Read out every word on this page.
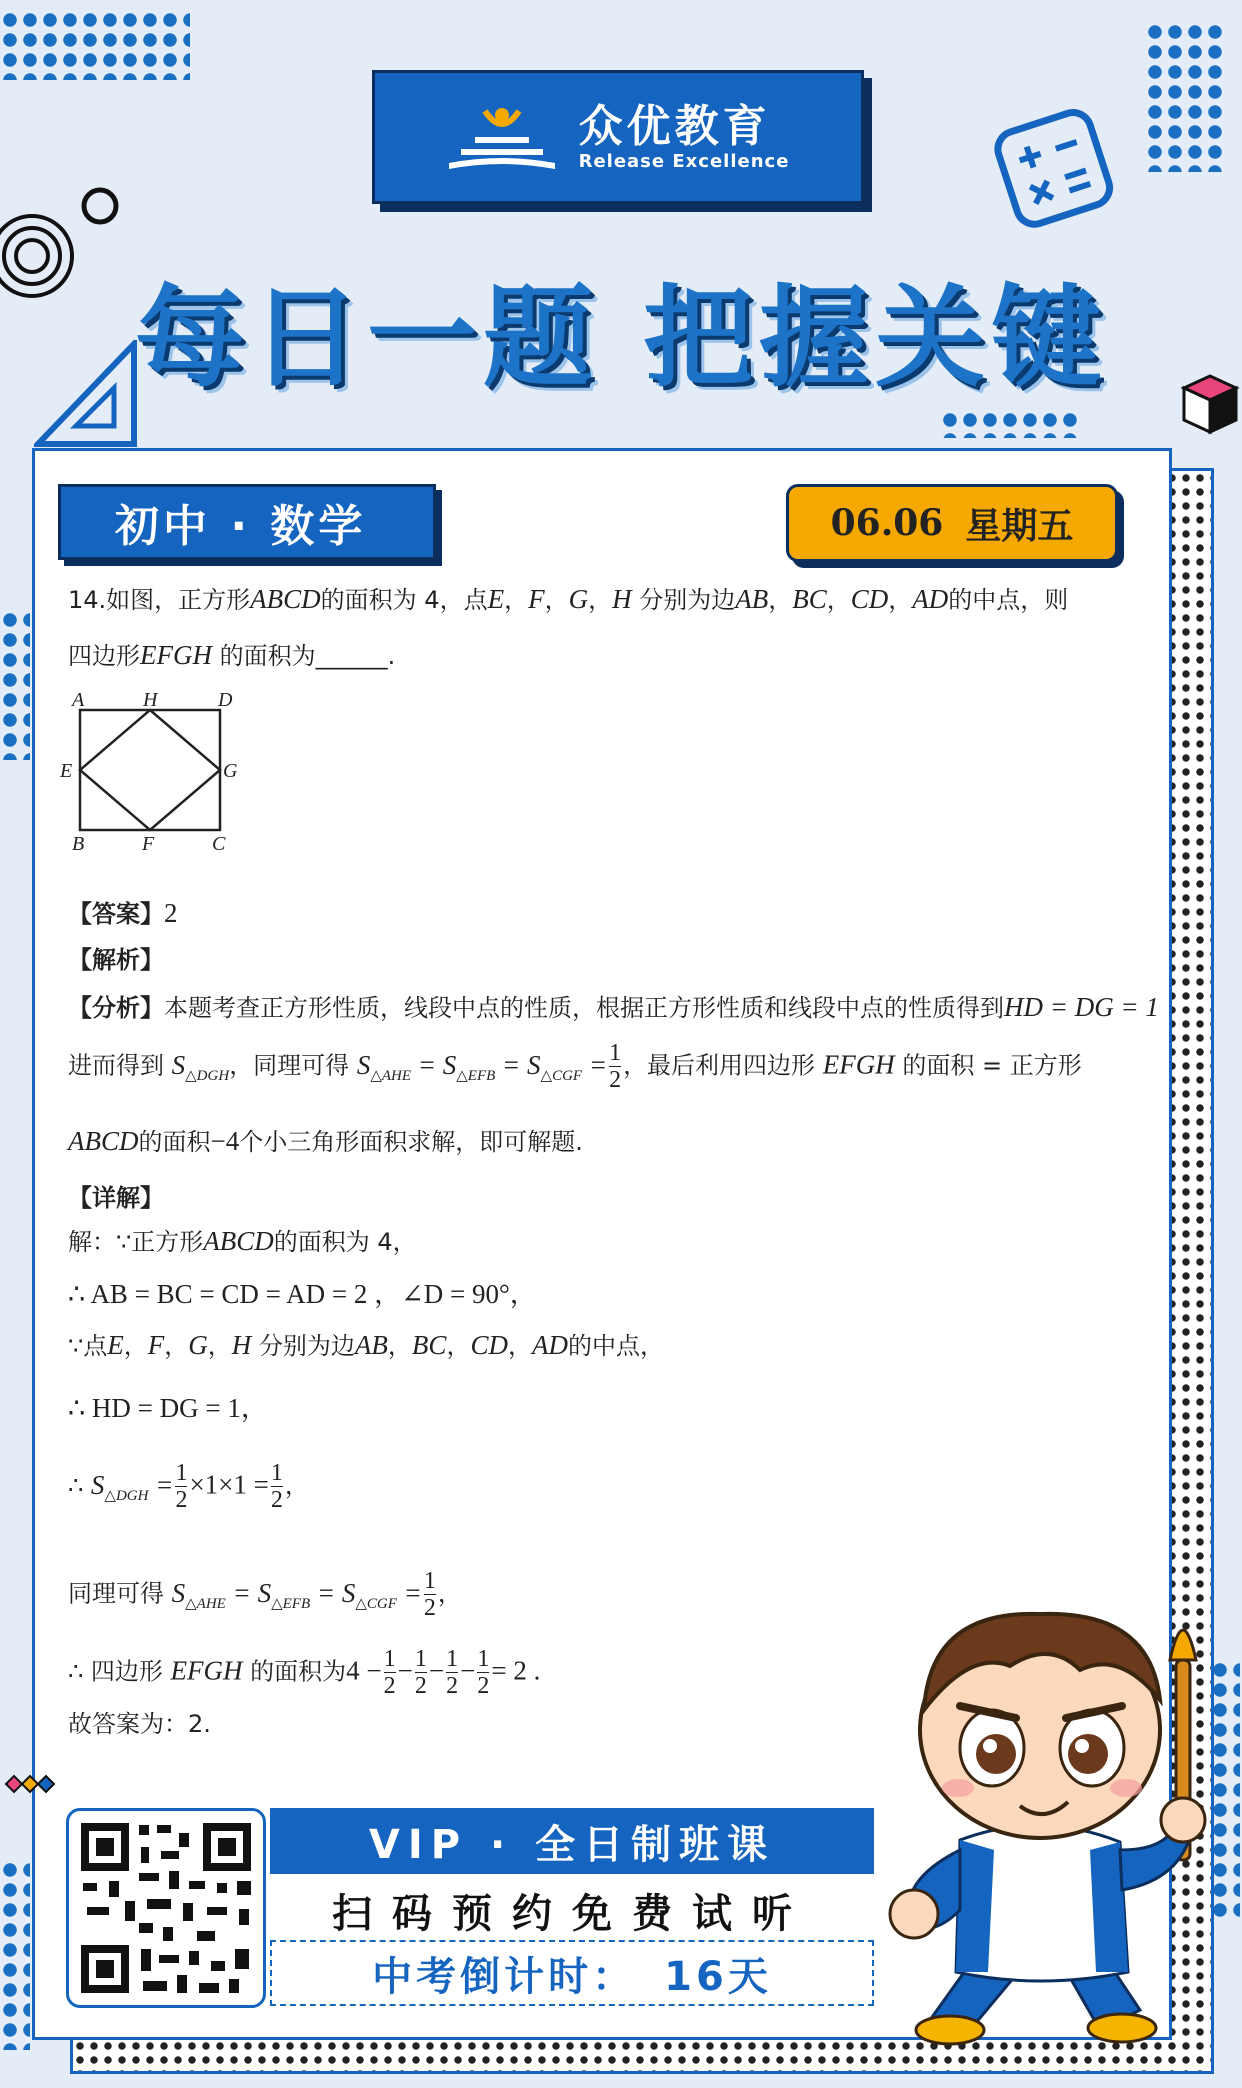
众优教育
Release Excellence
每日一题 把握关键
初中 · 数学	06.06 星期五
14.如图，正方形ABCD的面积为 4，点E，F，G，H 分别为边AB，BC，CD，AD的中点，则
四边形EFGH 的面积为______.
A	H	D
E	G
B	F	C
【答案】2
【解析】
【分析】本题考查正方形性质，线段中点的性质，根据正方形性质和线段中点的性质得到HD = DG = 1
进而得到 $S_{\triangle DGH}$，同理可得 $S_{\triangle AHE} = S_{\triangle EFB} = S_{\triangle CGF} = \frac{1}{2}$ ，最后利用四边形 EFGH 的面积 = 正方形
ABCD的面积−4个小三角形面积求解，即可解题.
【详解】
解：∵正方形ABCD的面积为 4，
∴ AB = BC = CD = AD = 2 ，∠D = 90°，
∵点E，F，G，H 分别为边AB，BC，CD，AD的中点，
∴ HD = DG = 1，
∴ $S_{\triangle DGH} = \frac{1}{2} \times 1\times 1 = \frac{1}{2}$ ，
同理可得 $S_{\triangle AHE} = S_{\triangle EFB} = S_{\triangle CGF} = \frac{1}{2}$ ，
∴ 四边形 EFGH 的面积为$4 - \frac{1}{2} - \frac{1}{2} - \frac{1}{2} - \frac{1}{2} = 2$ .
故答案为：2.
VIP · 全日制班课
扫码预约免费试听
中考倒计时： 16天
